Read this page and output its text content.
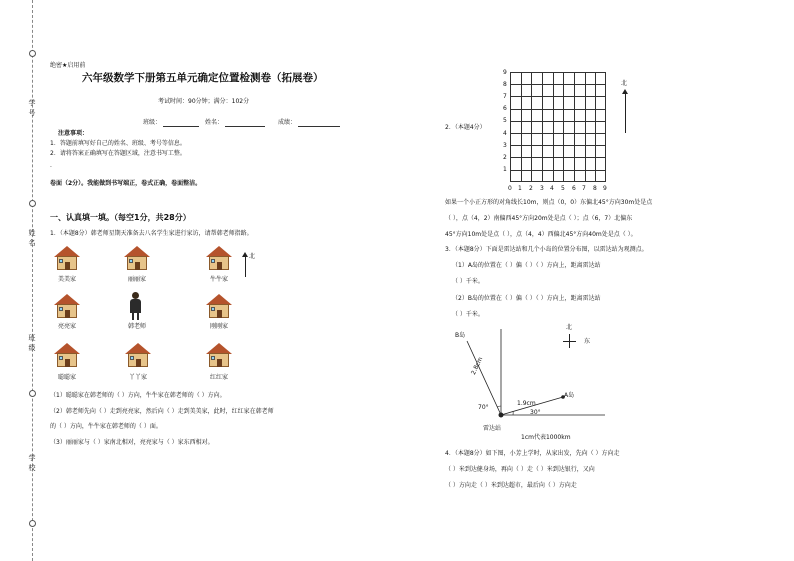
学
号
姓
名
班
级
学
校
绝密★启用前
六年级数学下册第五单元确定位置检测卷（拓展卷）
考试时间：90分钟；满分：102分
班级：	姓名：	成绩：
注意事项：
1．答题前填写好自己的姓名、班级、考号等信息。
2．请将答案正确填写在答题区域，注意书写工整。
.
卷面（2分）。我能做到书写端正，卷式正确，卷面整洁。
一、认真填一填。（每空1分，共28分）
1．（本题8分）韩老师星期天准备去八名学生家进行家访，请帮韩老师指路。
美美家	丽丽家	牛牛家
北
亮亮家	韩老师	刚刚家
聪聪家	丫丫家	红红家
（1）聪聪家在韩老师的（ ）方向，牛牛家在韩老师的（ ）方向。
（2）韩老师先向（ ）走到亮亮家，然后向（ ）走到美美家，此时，红红家在韩老师
的（ ）方向，牛牛家在韩老师的（ ）面。
（3）丽丽家与（ ）家南北相对，亮亮家与（ ）家东西相对。
2．（本题4分）
9
8
7
6
5
4
3
2
1
0 1 2 3 4 5 6 7 8 9
北
如果一个小正方形的对角线长10m，则点（0，0）东偏北45°方向30m处是点
（ ），点（4，2）南偏西45°方向20m处是点（ ）；点（6，7）北偏东
45°方向10m处是点（ ），点（4，4）西偏北45°方向40m处是点（ ）。
3．（本题8分）下面是雷达站和几个小岛的位置分布图，以雷达站为观测点。
（1）A岛的位置在（ ）偏（ ）（ ）方向上，距离雷达站
（ ）千米。
（2）B岛的位置在（ ）偏（ ）（ ）方向上，距离雷达站
（ ）千米。
B岛
A岛
2.8cm
1.9cm
70°
30°
雷达站
1cm代表1000km
北
东
4．（本题8分）如下图，小芳上学时，从家出发，先向（ ）方向走
（ ）米到达健身场，再向（ ）走（ ）米到达银行，又向
（ ）方向走（ ）米到达超市，最后向（ ）方向走
